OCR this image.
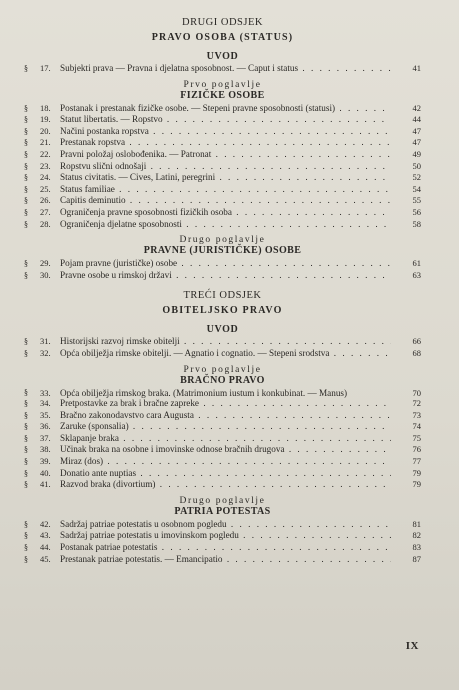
DRUGI ODSJEK
PRAVO OSOBA (STATUS)
UVOD
§	17.	Subjekti prava — Pravna i djelatna sposobnost. — Caput i status . . .	41
Prvo poglavlje
FIZIČKE OSOBE
§	18.	Postanak i prestanak fizičke osobe. — Stepeni pravne sposobnosti (statusi) . . .	42
§	19.	Statut libertatis. — Ropstvo . . .	44
§	20.	Načini postanka ropstva . . .	47
§	21.	Prestanak ropstva . . .	47
§	22.	Pravni položaj oslobođenika. — Patronat . . .	49
§	23.	Ropstvu slični odnošaji . . .	50
§	24.	Status civitatis. — Cives, Latini, peregrini . . .	52
§	25.	Status familiae . . .	54
§	26.	Capitis deminutio . . .	55
§	27.	Ograničenja pravne sposobnosti fizičkih osoba . . .	56
§	28.	Ograničenja djelatne sposobnosti . . .	58
Drugo poglavlje
PRAVNE (JURISTIČKE) OSOBE
§	29.	Pojam pravne (jurističke) osobe . . .	61
§	30.	Pravne osobe u rimskoj državi . . .	63
TREĆI ODSJEK
OBITELJSKO PRAVO
UVOD
§	31.	Historijski razvoj rimske obitelji . . .	66
§	32.	Opća obilježja rimske obitelji. — Agnatio i cognatio. — Stepeni srodstva . . .	68
Prvo poglavlje
BRAČNO PRAVO
§	33.	Opća obilježja rimskog braka. (Matrimonium iustum i konkubinat. — Manus)	70
§	34.	Pretpostavke za brak i bračne zapreke . . .	72
§	35.	Bračno zakonodavstvo cara Augusta . . .	73
§	36.	Zaruke (sponsalia) . . .	74
§	37.	Sklapanje braka . . .	75
§	38.	Učinak braka na osobne i imovinske odnose bračnih drugova . . .	76
§	39.	Miraz (dos) . . .	77
§	40.	Donatio ante nuptias . . .	79
§	41.	Razvod braka (divortium) . . .	79
Drugo poglavlje
PATRIA POTESTAS
§	42.	Sadržaj patriae potestatis u osobnom pogledu . . .	81
§	43.	Sadržaj patriae potestatis u imovinskom pogledu . . .	82
§	44.	Postanak patriae potestatis . . .	83
§	45.	Prestanak patriae potestatis. — Emancipatio . . .	87
IX
